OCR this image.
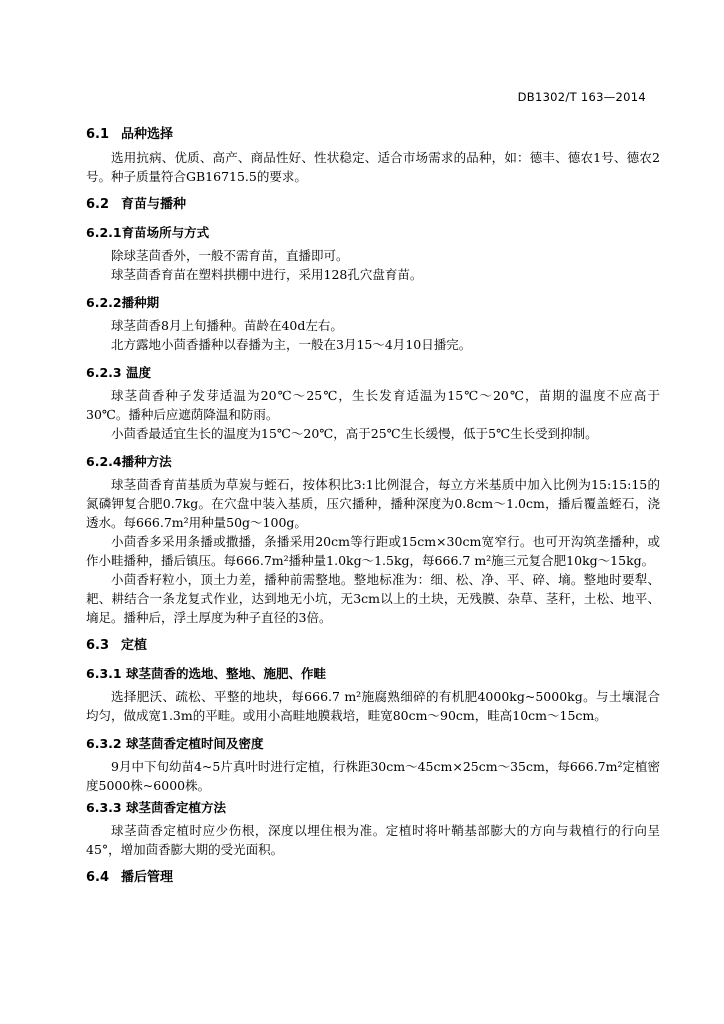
DB1302/T 163—2014
6.1 品种选择

选用抗病、优质、高产、商品性好、性状稳定、适合市场需求的品种，如：德丰、德农1号、德农2号。种子质量符合GB16715.5的要求。

6.2 育苗与播种
6.2.1育苗场所与方式

除球茎茴香外，一般不需育苗，直播即可。

球茎茴香育苗在塑料拱棚中进行，采用128孔穴盘育苗。

6.2.2播种期

球茎茴香8月上旬播种。苗龄在40d左右。

北方露地小茴香播种以春播为主，一般在3月15～4月10日播完。

6.2.3 温度

球茎茴香种子发芽适温为20℃～25℃，生长发育适温为15℃～20℃，苗期的温度不应高于30℃。播种后应遮荫降温和防雨。

小茴香最适宜生长的温度为15℃～20℃，高于25℃生长缓慢，低于5℃生长受到抑制。

6.2.4播种方法

球茎茴香育苗基质为草炭与蛭石，按体积比3:1比例混合，每立方米基质中加入比例为15:15:15的氮磷钾复合肥0.7kg。在穴盘中装入基质，压穴播种，播种深度为0.8cm～1.0cm，播后覆盖蛭石，浇透水。每666.7m²用种量50g～100g。

小茴香多采用条播或撒播，条播采用20cm等行距或15cm×30cm宽窄行。也可开沟筑垄播种，或作小畦播种，播后镇压。每666.7m²播种量1.0kg～1.5kg，每666.7 m²施三元复合肥10kg～15kg。

小茴香籽粒小，顶土力差，播种前需整地。整地标准为：细、松、净、平、碎、墒。整地时要犁、耙、耕结合一条龙复式作业，达到地无小坑，无3cm以上的土块，无残膜、杂草、茎秆，土松、地平、墒足。播种后，浮土厚度为种子直径的3倍。

6.3 定植
6.3.1 球茎茴香的选地、整地、施肥、作畦

选择肥沃、疏松、平整的地块，每666.7 m²施腐熟细碎的有机肥4000kg~5000kg。与土壤混合均匀，做成宽1.3m的平畦。或用小高畦地膜栽培，畦宽80cm～90cm，畦高10cm～15cm。

6.3.2 球茎茴香定植时间及密度

9月中下旬幼苗4~5片真叶时进行定植，行株距30cm～45cm×25cm～35cm，每666.7m²定植密度5000株~6000株。

6.3.3 球茎茴香定植方法

球茎茴香定植时应少伤根，深度以埋住根为准。定植时将叶鞘基部膨大的方向与栽植行的行向呈45°，增加茴香膨大期的受光面积。

6.4 播后管理
